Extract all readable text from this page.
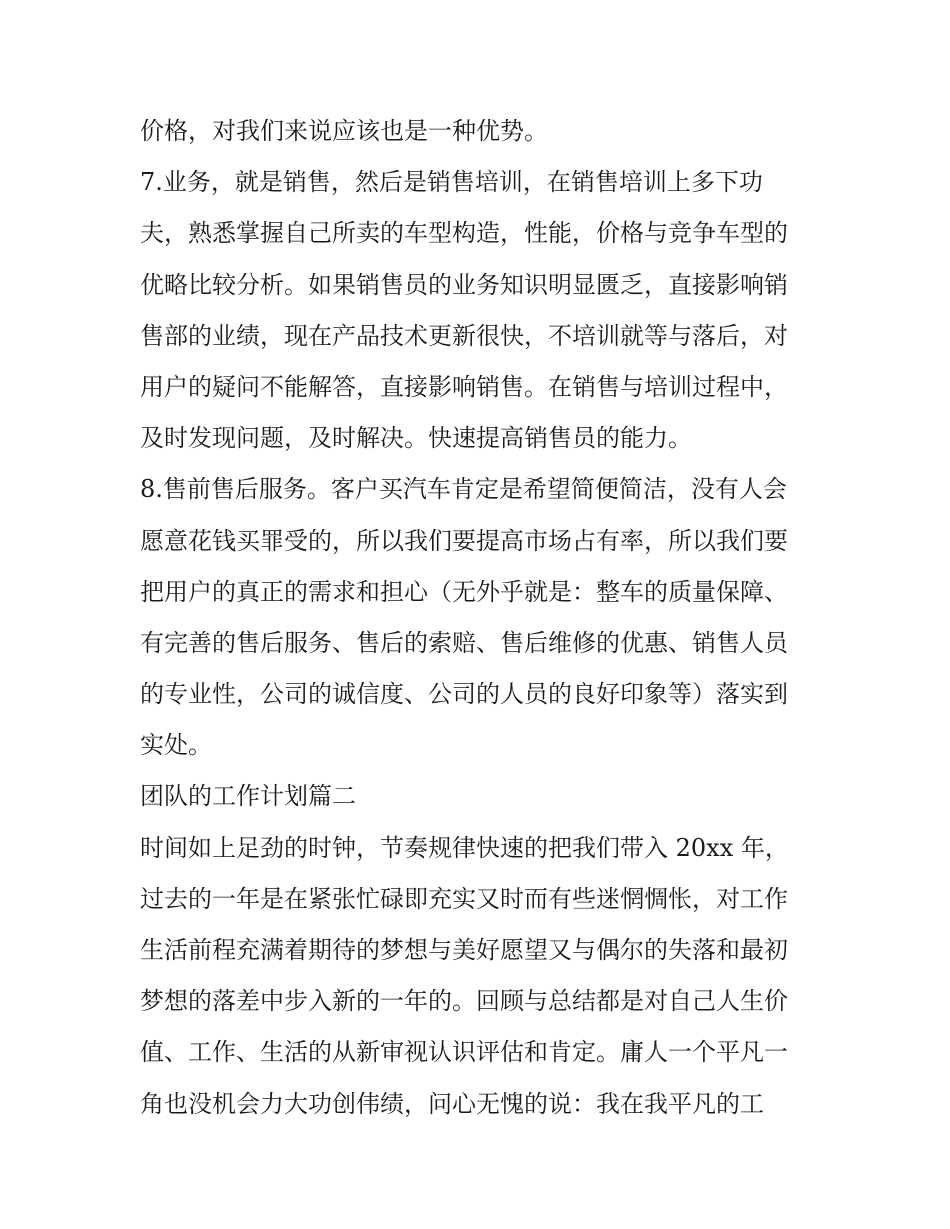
价格，对我们来说应该也是一种优势。
7.业务，就是销售，然后是销售培训，在销售培训上多下功
夫，熟悉掌握自己所卖的车型构造，性能，价格与竞争车型的
优略比较分析。如果销售员的业务知识明显匮乏，直接影响销
售部的业绩，现在产品技术更新很快，不培训就等与落后，对
用户的疑问不能解答，直接影响销售。在销售与培训过程中，
及时发现问题，及时解决。快速提高销售员的能力。
8.售前售后服务。客户买汽车肯定是希望简便简洁，没有人会
愿意花钱买罪受的，所以我们要提高市场占有率，所以我们要
把用户的真正的需求和担心（无外乎就是：整车的质量保障、
有完善的售后服务、售后的索赔、售后维修的优惠、销售人员
的专业性，公司的诚信度、公司的人员的良好印象等）落实到
实处。
团队的工作计划篇二
时间如上足劲的时钟，节奏规律快速的把我们带入 20xx 年，
过去的一年是在紧张忙碌即充实又时而有些迷惘惆怅，对工作
生活前程充满着期待的梦想与美好愿望又与偶尔的失落和最初
梦想的落差中步入新的一年的。回顾与总结都是对自己人生价
值、工作、生活的从新审视认识评估和肯定。庸人一个平凡一
角也没机会力大功创伟绩，问心无愧的说：我在我平凡的工
